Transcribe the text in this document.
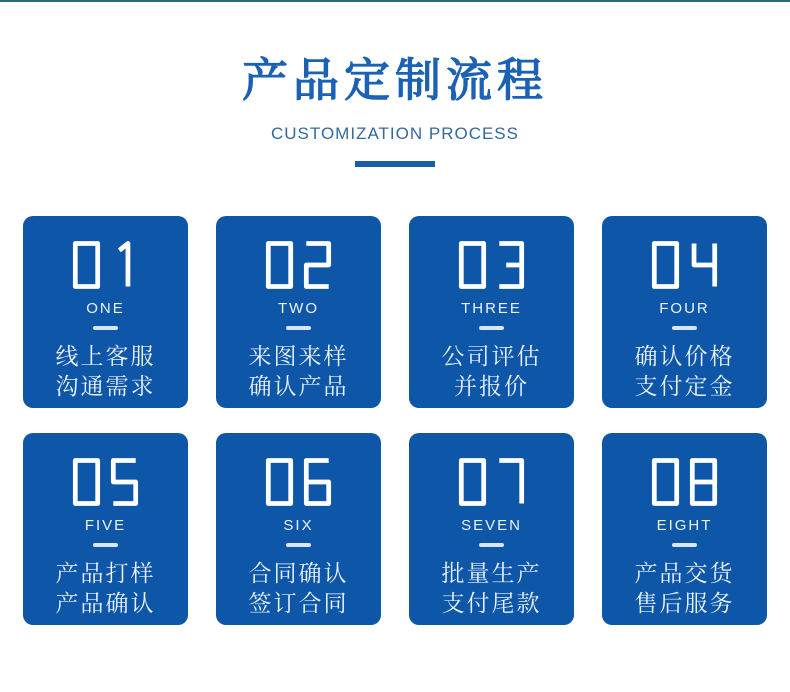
产品定制流程
CUSTOMIZATION PROCESS
ONE
线上客服
沟通需求
TWO
来图来样
确认产品
THREE
公司评估
并报价
FOUR
确认价格
支付定金
FIVE
产品打样
产品确认
SIX
合同确认
签订合同
SEVEN
批量生产
支付尾款
EIGHT
产品交货
售后服务
